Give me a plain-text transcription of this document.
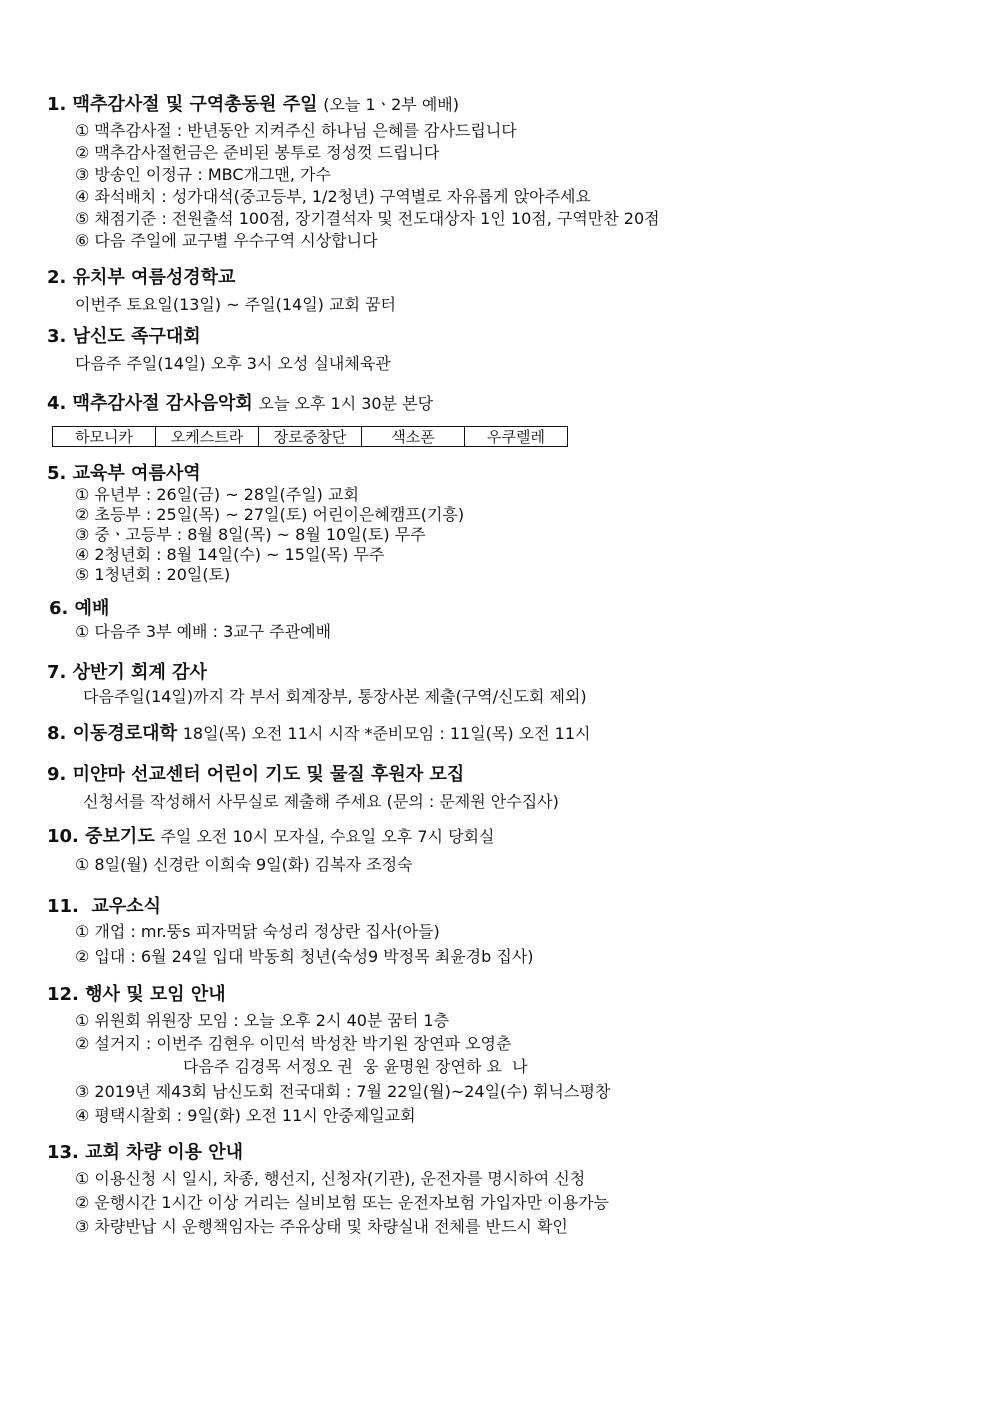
1. 맥추감사절 및 구역총동원 주일 (오늘 1ㆍ2부 예배)
① 맥추감사절 : 반년동안 지켜주신 하나님 은혜를 감사드립니다
② 맥추감사절헌금은 준비된 봉투로 정성껏 드립니다
③ 방송인 이정규 : MBC개그맨, 가수
④ 좌석배치 : 성가대석(중고등부, 1/2청년) 구역별로 자유롭게 앉아주세요
⑤ 채점기준 : 전원출석 100점, 장기결석자 및 전도대상자 1인 10점, 구역만찬 20점
⑥ 다음 주일에 교구별 우수구역 시상합니다
2. 유치부 여름성경학교
이번주 토요일(13일) ~ 주일(14일) 교회 꿈터
3. 남신도 족구대회
다음주 주일(14일) 오후 3시 오성 실내체육관
4. 맥추감사절 감사음악회 오늘 오후 1시 30분 본당
하모니카	오케스트라	장로중창단	색소폰	우쿠렐레
5. 교육부 여름사역
① 유년부 : 26일(금) ~ 28일(주일) 교회
② 초등부 : 25일(목) ~ 27일(토) 어린이은혜캠프(기흥)
③ 중ㆍ고등부 : 8월 8일(목) ~ 8월 10일(토) 무주
④ 2청년회 : 8월 14일(수) ~ 15일(목) 무주
⑤ 1청년회 : 20일(토)
6. 예배
① 다음주 3부 예배 : 3교구 주관예배
7. 상반기 회계 감사
다음주일(14일)까지 각 부서 회계장부, 통장사본 제출(구역/신도회 제외)
8. 이동경로대학 18일(목) 오전 11시 시작 *준비모임 : 11일(목) 오전 11시
9. 미얀마 선교센터 어린이 기도 및 물질 후원자 모집
신청서를 작성해서 사무실로 제출해 주세요 (문의 : 문제원 안수집사)
10. 중보기도 주일 오전 10시 모자실, 수요일 오후 7시 당회실
① 8일(월) 신경란 이희숙 9일(화) 김복자 조정숙
11.  교우소식
① 개업 : mr.뚱s 피자먹닭 숙성리 정상란 집사(아들)
② 입대 : 6월 24일 입대 박동희 청년(숙성9 박정목 최윤경b 집사)
12. 행사 및 모임 안내
① 위원회 위원장 모임 : 오늘 오후 2시 40분 꿈터 1층
② 설거지 : 이번주 김현우 이민석 박성찬 박기원 장연파 오영춘
다음주 김경목 서정오 권  웅 윤명원 장연하 요  나
③ 2019년 제43회 남신도회 전국대회 : 7월 22일(월)~24일(수) 휘닉스평창
④ 평택시찰회 : 9일(화) 오전 11시 안중제일교회
13. 교회 차량 이용 안내
① 이용신청 시 일시, 차종, 행선지, 신청자(기관), 운전자를 명시하여 신청
② 운행시간 1시간 이상 거리는 실비보험 또는 운전자보험 가입자만 이용가능
③ 차량반납 시 운행책임자는 주유상태 및 차량실내 전체를 반드시 확인
